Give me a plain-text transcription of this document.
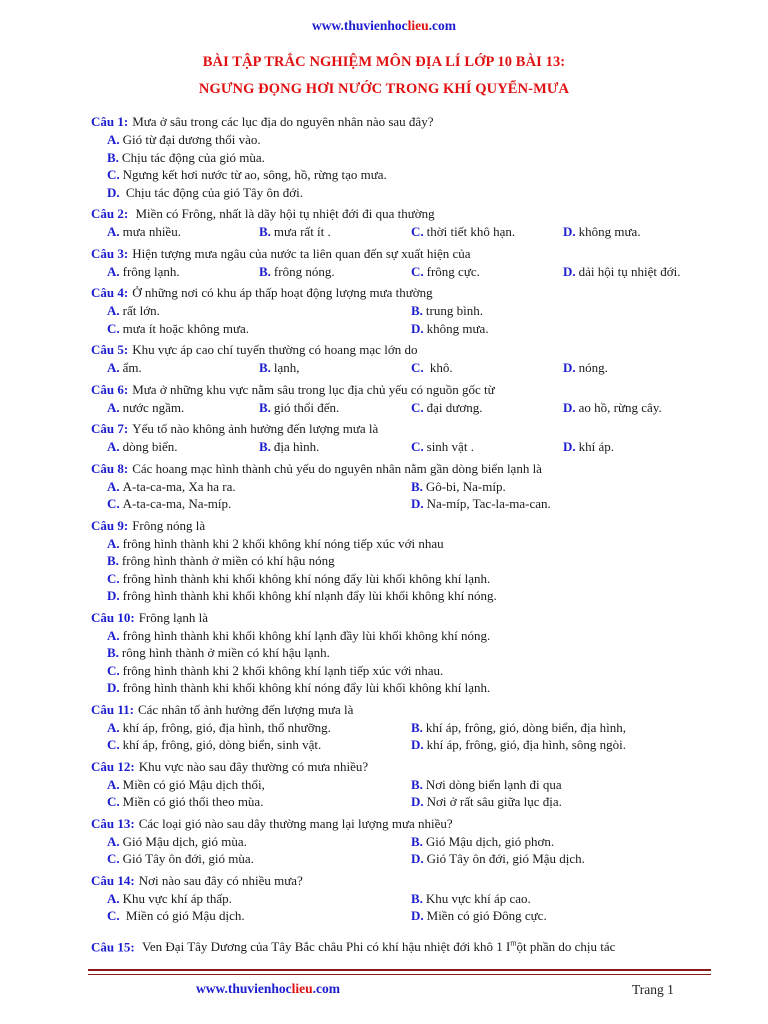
www.thuvienhoclieu.com
BÀI TẬP TRẮC NGHIỆM MÔN ĐỊA LÍ LỚP 10 BÀI 13:
NGƯNG ĐỌNG HƠI NƯỚC TRONG KHÍ QUYỂN-MƯA
Câu 1: Mưa ở sâu trong các lục địa do nguyên nhân nào sau đây?
A. Gió từ đại dương thổi vào.
B. Chịu tác động của gió mùa.
C. Ngưng kết hơi nước từ ao, sông, hồ, rừng tạo mưa.
D. Chịu tác động của gió Tây ôn đới.
Câu 2: Miền có Frông, nhất là dãy hội tụ nhiệt đới đi qua thường
A. mưa nhiều.	B. mưa rất ít .	C. thời tiết khô hạn.	D. không mưa.
Câu 3: Hiện tượng mưa ngâu của nước ta liên quan đến sự xuất hiện của
A. frông lạnh.	B. frông nóng.	C. frông cực.	D. dải hội tụ nhiệt đới.
Câu 4: Ở những nơi có khu áp thấp hoạt động lượng mưa thường
A. rất lớn.	B. trung bình.
C. mưa ít hoặc không mưa.	D. không mưa.
Câu 5: Khu vực áp cao chí tuyến thường có hoang mạc lớn do
A. ẩm.	B. lạnh,	C. khô.	D. nóng.
Câu 6: Mưa ở những khu vực nằm sâu trong lục địa chủ yếu có nguồn gốc từ
A. nước ngầm.	B. gió thổi đến.	C. đại dương.	D. ao hồ, rừng cây.
Câu 7: Yếu tố nào không ảnh hưởng đến lượng mưa là
A. dòng biển.	B. địa hình.	C. sinh vật .	D. khí áp.
Câu 8: Các hoang mạc hình thành chủ yếu do nguyên nhân nằm gần dòng biển lạnh là
A. A-ta-ca-ma, Xa ha ra.	B. Gô-bi, Na-míp.
C. A-ta-ca-ma, Na-míp.	D. Na-míp, Tac-la-ma-can.
Câu 9: Frông nóng là
A. frông hình thành khi 2 khối không khí nóng tiếp xúc với nhau
B. frông hình thành ở miền có khí hậu nóng
C. frông hình thành khi khối không khí nóng đẩy lùi khối không khí lạnh.
D. frông hình thành khi khối không khí nlạnh đẩy lùi khối không khí nóng.
Câu 10: Frông lạnh là
A. frông hình thành khi khối không khí lạnh đầy lùi khối không khí nóng.
B. rông hình thành ở miền có khí hậu lạnh.
C. frông hình thành khi 2 khối không khí lạnh tiếp xúc với nhau.
D. frông hình thành khi khối không khí nóng đẩy lùi khối không khí lạnh.
Câu 11: Các nhân tố ảnh hưởng đến lượng mưa là
A. khí áp, frông, gió, địa hình, thổ nhưỡng.	B. khí áp, frông, gió, dòng biển, địa hình,
C. khí áp, frông, gió, dòng biển, sinh vật.	D. khí áp, frông, gió, địa hình, sông ngòi.
Câu 12: Khu vực nào sau đây thường có mưa nhiều?
A. Miền có gió Mậu dịch thổi,	B. Nơi dòng biển lạnh đi qua
C. Miền có gió thổi theo mùa.	D. Nơi ở rất sâu giữa lục địa.
Câu 13: Các loại gió nào sau dây thường mang lại lượng mưa nhiều?
A. Gió Mậu dịch, gió mùa.	B. Gió Mậu dịch, gió phơn.
C. Gió Tây ôn đới, gió mùa.	D. Gió Tây ôn đới, gió Mậu dịch.
Câu 14: Nơi nào sau đây có nhiều mưa?
A. Khu vực khí áp thấp.	B. Khu vực khí áp cao.
C. Miền có gió Mậu dịch.	D. Miền có gió Đông cực.
Câu 15: Ven Đại Tây Dương của Tây Bắc châu Phi có khí hậu nhiệt đới khô 1 $I^một$ phần do chịu tác
www.thuvienhoclieu.com	Trang 1
